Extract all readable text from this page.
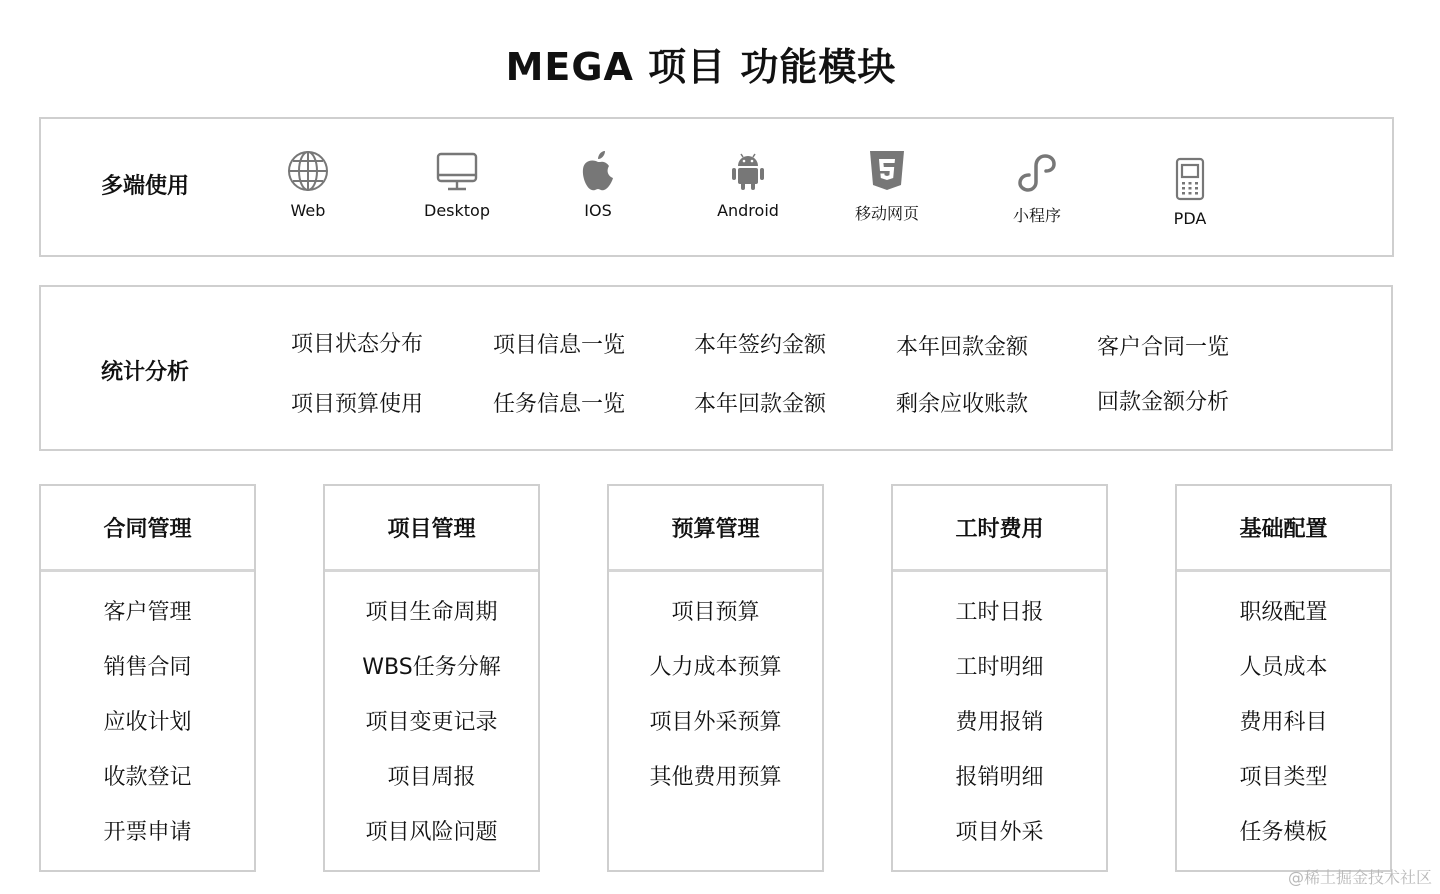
MEGA 项目 功能模块
多端使用
Web	Desktop	IOS	Android	移动网页	小程序	PDA
统计分析
项目状态分布	项目信息一览	本年签约金额	本年回款金额	客户合同一览
项目预算使用	任务信息一览	本年回款金额	剩余应收账款	回款金额分析
合同管理
客户管理
销售合同
应收计划
收款登记
开票申请
项目管理
项目生命周期
WBS任务分解
项目变更记录
项目周报
项目风险问题
预算管理
项目预算
人力成本预算
项目外采预算
其他费用预算
工时费用
工时日报
工时明细
费用报销
报销明细
项目外采
基础配置
职级配置
人员成本
费用科目
项目类型
任务模板
@稀土掘金技术社区
